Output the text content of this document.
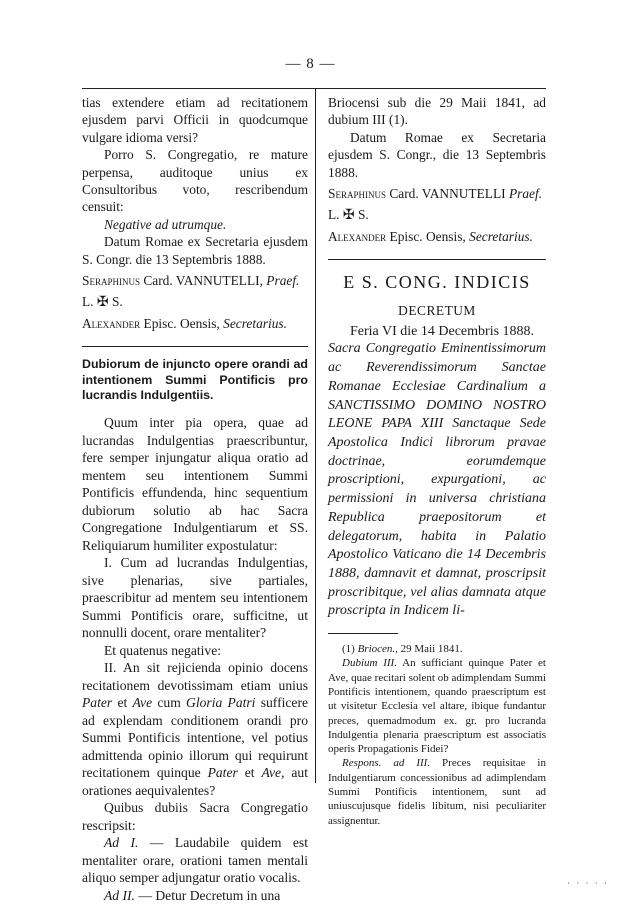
— 8 —

tias extendere etiam ad recitationem ejusdem parvi Officii in quodcumque vulgare idioma versi?

Porro S. Congregatio, re mature perpensa, auditoque unius ex Consultoribus voto, rescribendum censuit:

Negative ad utrumque.

Datum Romae ex Secretaria ejusdem S. Congr. die 13 Septembris 1888.

Seraphinus Card. VANNUTELLI, Praef.

L. ✠ S.

Alexander Episc. Oensis, Secretarius.

Dubiorum de injuncto opere orandi ad intentionem Summi Pontificis pro lucrandis Indulgentiis.

Quum inter pia opera, quae ad lucrandas Indulgentias praescribuntur, fere semper injungatur aliqua oratio ad mentem seu intentionem Summi Pontificis effundenda, hinc sequentium dubiorum solutio ab hac Sacra Congregatione Indulgentiarum et SS. Reliquiarum humiliter expostulatur:

I. Cum ad lucrandas Indulgentias, sive plenarias, sive partiales, praescribitur ad mentem seu intentionem Summi Pontificis orare, sufficitne, ut nonnulli docent, orare mentaliter?

Et quatenus negative:

II. An sit rejicienda opinio docens recitationem devotissimam etiam unius Pater et Ave cum Gloria Patri sufficere ad explendam conditionem orandi pro Summi Pontificis intentione, vel potius admittenda opinio illorum qui requirunt recitationem quinque Pater et Ave, aut orationes aequivalentes?

Quibus dubiis Sacra Congregatio rescripsit:

Ad I. — Laudabile quidem est mentaliter orare, orationi tamen mentali aliquo semper adjungatur oratio vocalis.

Ad II. — Detur Decretum in una

Briocensi sub die 29 Maii 1841, ad dubium III (1).

Datum Romae ex Secretaria ejusdem S. Congr., die 13 Septembris 1888.

Seraphinus Card. VANNUTELLI Praef.

L. ✠ S.

Alexander Episc. Oensis, Secretarius.

E S. CONG. INDICIS

DECRETUM

Feria VI die 14 Decembris 1888.

Sacra Congregatio Eminentissimorum ac Reverendissimorum Sanctae Romanae Ecclesiae Cardinalium a SANCTISSIMO DOMINO NOSTRO LEONE PAPA XIII Sanctaque Sede Apostolica Indici librorum pravae doctrinae, eorumdemque proscriptioni, expurgationi, ac permissioni in universa christiana Republica praepositorum et delegatorum, habita in Palatio Apostolico Vaticano die 14 Decembris 1888, damnavit et damnat, proscripsit proscribitque, vel alias damnata atque proscripta in Indicem li-

(1) Briocen., 29 Maii 1841.

Dubium III. An sufficiant quinque Pater et Ave, quae recitari solent ob adimplendam Summi Pontificis intentionem, quando praescriptum est ut visitetur Ecclesia vel altare, ibique fundantur preces, quemadmodum ex. gr. pro lucranda Indulgentia plenaria praescriptum est associatis operis Propagationis Fidei?

Respons. ad III. Preces requisitae in Indulgentiarum concessionibus ad adimplendam Summi Pontificis intentionem, sunt ad uniuscujusque fidelis libitum, nisi peculiariter assignentur.

· · · · ·
